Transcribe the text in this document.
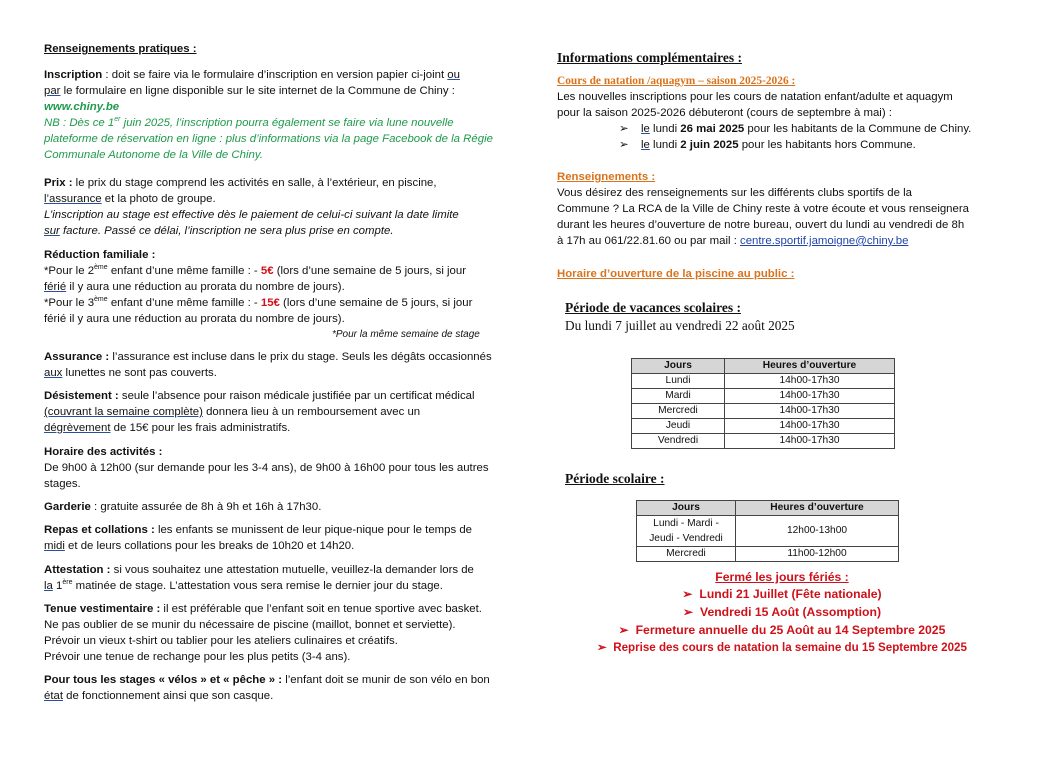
Renseignements pratiques :

Inscription : doit se faire via le formulaire d’inscription en version papier ci-joint ou

par le formulaire en ligne disponible sur le site internet de la Commune de Chiny :

www.chiny.be

NB : Dès ce 1er juin 2025, l’inscription pourra également se faire via lune nouvelle

plateforme de réservation en ligne : plus d’informations via la page Facebook de la Régie

Communale Autonome de la Ville de Chiny.

Prix : le prix du stage comprend les activités en salle, à l’extérieur, en piscine,

l’assurance et la photo de groupe.

L’inscription au stage est effective dès le paiement de celui-ci suivant la date limite

sur facture. Passé ce délai, l’inscription ne sera plus prise en compte.

Réduction familiale :

*Pour le 2ème enfant d’une même famille : - 5€ (lors d’une semaine de 5 jours, si jour

férié il y aura une réduction au prorata du nombre de jours).

*Pour le 3ème enfant d’une même famille : - 15€ (lors d’une semaine de 5 jours, si jour

férié il y aura une réduction au prorata du nombre de jours).

*Pour la même semaine de stage

Assurance : l’assurance est incluse dans le prix du stage. Seuls les dégâts occasionnés

aux lunettes ne sont pas couverts.

Désistement : seule l’absence pour raison médicale justifiée par un certificat médical

(couvrant la semaine complète) donnera lieu à un remboursement avec un

dégrèvement de 15€ pour les frais administratifs.

Horaire des activités :

De 9h00 à 12h00 (sur demande pour les 3-4 ans), de 9h00 à 16h00 pour tous les autres

stages.

Garderie : gratuite assurée de 8h à 9h et 16h à 17h30.

Repas et collations : les enfants se munissent de leur pique-nique pour le temps de

midi et de leurs collations pour les breaks de 10h20 et 14h20.

Attestation : si vous souhaitez une attestation mutuelle, veuillez-la demander lors de

la 1ère matinée de stage. L’attestation vous sera remise le dernier jour du stage.

Tenue vestimentaire : il est préférable que l’enfant soit en tenue sportive avec basket.

Ne pas oublier de se munir du nécessaire de piscine (maillot, bonnet et serviette).

Prévoir un vieux t-shirt ou tablier pour les ateliers culinaires et créatifs.

Prévoir une tenue de rechange pour les plus petits (3-4 ans).

Pour tous les stages « vélos » et « pêche » : l’enfant doit se munir de son vélo en bon

état de fonctionnement ainsi que son casque.

Informations complémentaires :

Cours de natation /aquagym – saison 2025-2026 :

Les nouvelles inscriptions pour les cours de natation enfant/adulte et aquagym

pour la saison 2025-2026 débuteront (cours de septembre à mai) :

➢ le lundi 26 mai 2025 pour les habitants de la Commune de Chiny.

➢ le lundi 2 juin 2025 pour les habitants hors Commune.

Renseignements :

Vous désirez des renseignements sur les différents clubs sportifs de la

Commune ? La RCA de la Ville de Chiny reste à votre écoute et vous renseignera

durant les heures d’ouverture de notre bureau, ouvert du lundi au vendredi de 8h

à 17h au 061/22.81.60 ou par mail : centre.sportif.jamoigne@chiny.be

Horaire d’ouverture de la piscine au public :

Période de vacances scolaires :

Du lundi 7 juillet au vendredi 22 août 2025

Jours	Heures d’ouverture
Lundi	14h00-17h30
Mardi	14h00-17h30
Mercredi	14h00-17h30
Jeudi	14h00-17h30
Vendredi	14h00-17h30

Période scolaire :

Jours	Heures d’ouverture
Lundi - Mardi -
Jeudi - Vendredi	12h00-13h00
Mercredi	11h00-12h00

Fermé les jours fériés :

➢ Lundi 21 Juillet (Fête nationale)

➢ Vendredi 15 Août (Assomption)

➢ Fermeture annuelle du 25 Août au 14 Septembre 2025

➢ Reprise des cours de natation la semaine du 15 Septembre 2025
